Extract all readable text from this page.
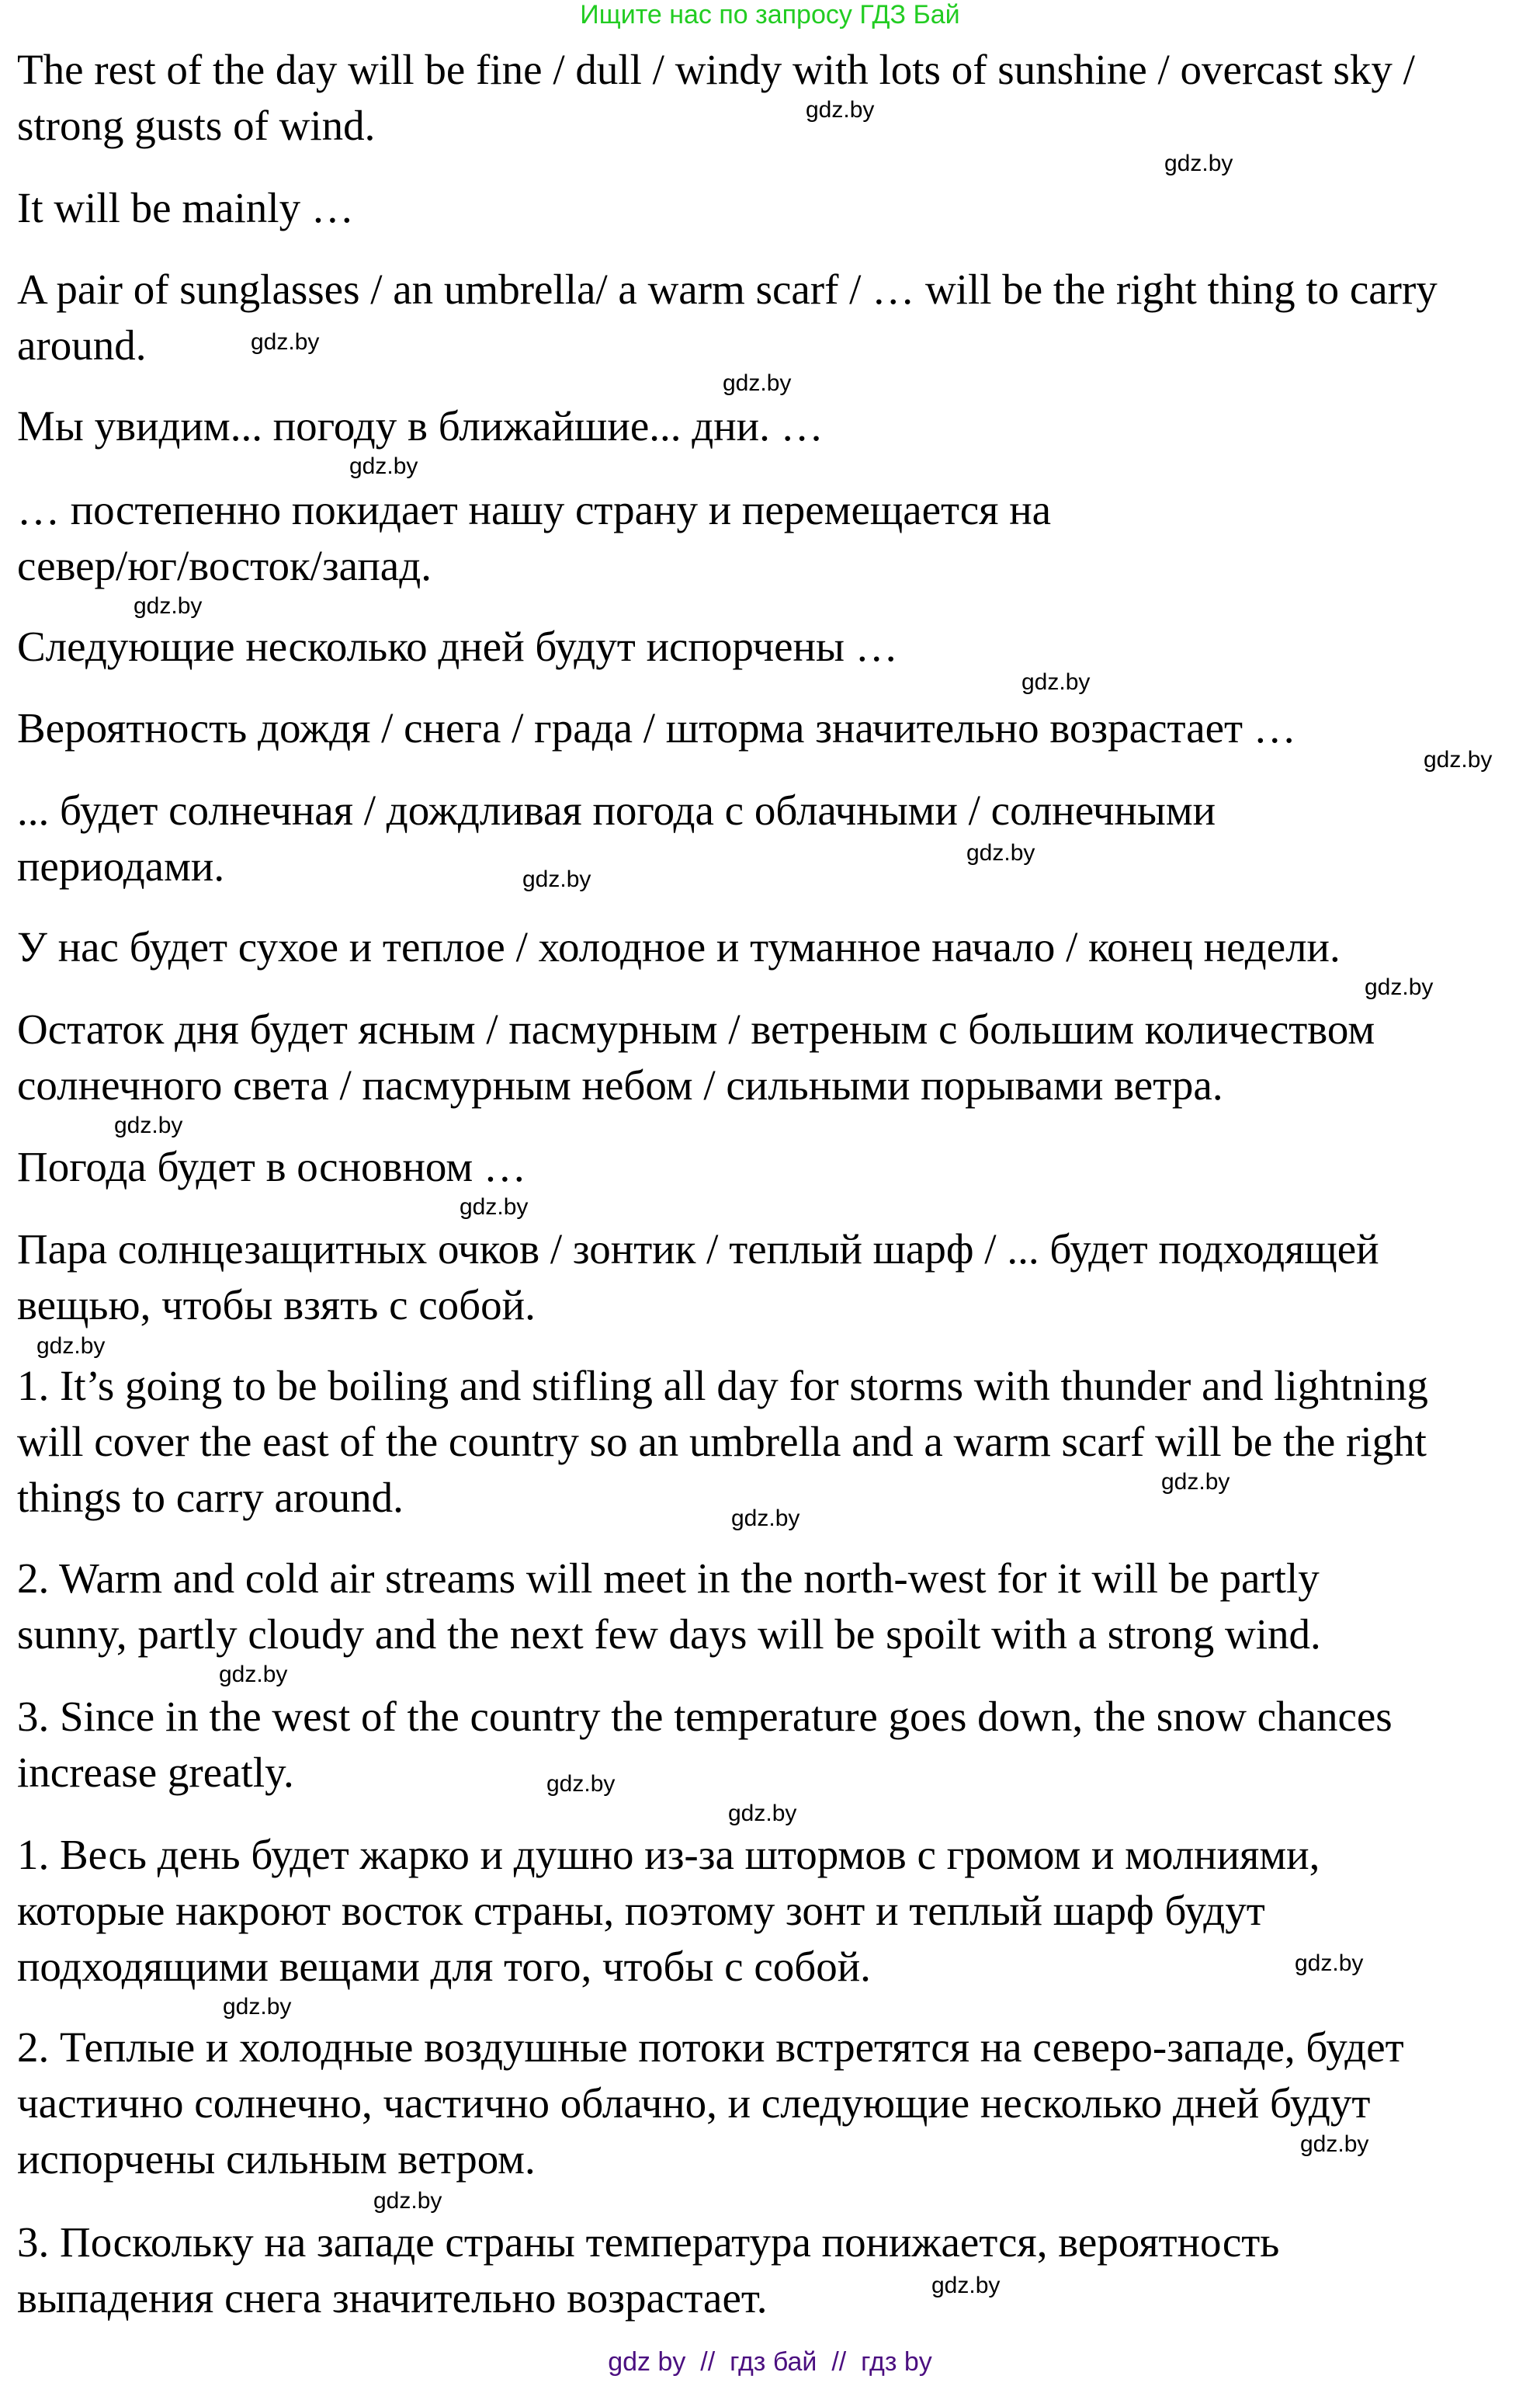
Ищите нас по запросу ГДЗ Бай
The rest of the day will be fine / dull / windy with lots of sunshine / overcast sky /
strong gusts of wind.
It will be mainly …
A pair of sunglasses / an umbrella/ a warm scarf / … will be the right thing to carry
around.
Мы увидим... погоду в ближайшие... дни. …
… постепенно покидает нашу страну и перемещается на
север/юг/восток/запад.
Следующие несколько дней будут испорчены …
Вероятность дождя / снега / града / шторма значительно возрастает …
... будет солнечная / дождливая погода с облачными / солнечными
периодами.
У нас будет сухое и теплое / холодное и туманное начало / конец недели.
Остаток дня будет ясным / пасмурным / ветреным с большим количеством
солнечного света / пасмурным небом / сильными порывами ветра.
Погода будет в основном …
Пара солнцезащитных очков / зонтик / теплый шарф / ... будет подходящей
вещью, чтобы взять с собой.
1. It’s going to be boiling and stifling all day for storms with thunder and lightning
will cover the east of the country so an umbrella and a warm scarf will be the right
things to carry around.
2. Warm and cold air streams will meet in the north-west for it will be partly
sunny, partly cloudy and the next few days will be spoilt with a strong wind.
3. Since in the west of the country the temperature goes down, the snow chances
increase greatly.
1. Весь день будет жарко и душно из-за штормов с громом и молниями,
которые накроют восток страны, поэтому зонт и теплый шарф будут
подходящими вещами для того, чтобы с собой.
2. Теплые и холодные воздушные потоки встретятся на северо-западе, будет
частично солнечно, частично облачно, и следующие несколько дней будут
испорчены сильным ветром.
3. Поскольку на западе страны температура понижается, вероятность
выпадения снега значительно возрастает.
gdz.by
gdz.by
gdz.by
gdz.by
gdz.by
gdz.by
gdz.by
gdz.by
gdz.by
gdz.by
gdz.by
gdz.by
gdz.by
gdz.by
gdz.by
gdz.by
gdz.by
gdz.by
gdz.by
gdz.by
gdz.by
gdz.by
gdz.by
gdz.by
gdz by  //  гдз бай  //  гдз by
